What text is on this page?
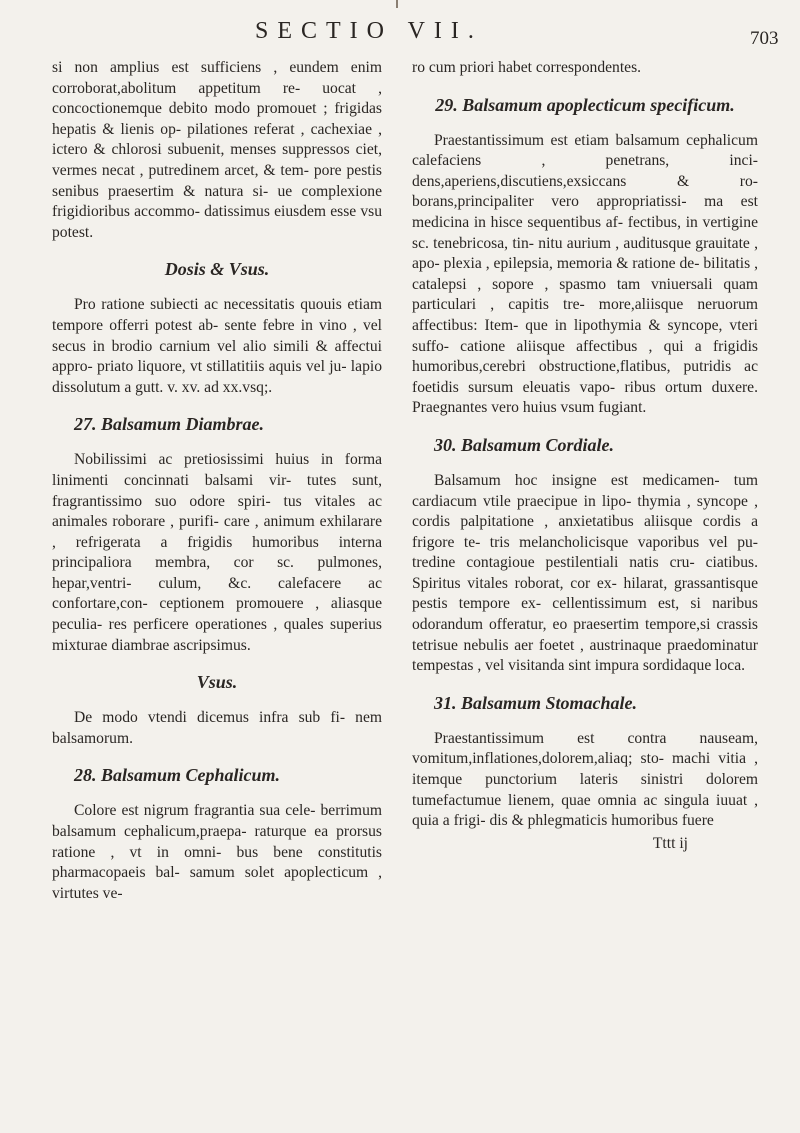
SECTIO VII.	703

si non amplius est sufficiens , eundem enim corroborat,abolitum appetitum re- uocat , concoctionemque debito modo promouet ; frigidas hepatis & lienis op- pilationes referat , cachexiae , ictero & chlorosi subuenit, menses suppressos ciet, vermes necat , putredinem arcet, & tem- pore pestis senibus praesertim & natura si- ue complexione frigidioribus accommo- datissimus eiusdem esse vsu potest.

Dosis & Vsus.

Pro ratione subiecti ac necessitatis quouis etiam tempore offerri potest ab- sente febre in vino , vel secus in brodio carnium vel alio simili & affectui appro- priato liquore, vt stillatitiis aquis vel ju- lapio dissolutum a gutt. v. xv. ad xx.vsq;.

27. Balsamum Diambrae.

Nobilissimi ac pretiosissimi huius in forma linimenti concinnati balsami vir- tutes sunt, fragrantissimo suo odore spiri- tus vitales ac animales roborare , purifi- care , animum exhilarare , refrigerata a frigidis humoribus interna principaliora membra, cor sc. pulmones, hepar,ventri- culum, &c. calefacere ac confortare,con- ceptionem promouere , aliasque peculia- res perficere operationes , quales superius mixturae diambrae ascripsimus.

Vsus.

De modo vtendi dicemus infra sub fi- nem balsamorum.

28. Balsamum Cephalicum.

Colore est nigrum fragrantia sua cele- berrimum balsamum cephalicum,praepa- raturque ea prorsus ratione , vt in omni- bus bene constitutis pharmacopaeis bal- samum solet apoplecticum , virtutes ve-

ro cum priori habet correspondentes.

29. Balsamum apoplecticum specificum.

Praestantissimum est etiam balsamum cephalicum calefaciens , penetrans, inci- dens,aperiens,discutiens,exsiccans & ro- borans,principaliter vero appropriatissi- ma est medicina in hisce sequentibus af- fectibus, in vertigine sc. tenebricosa, tin- nitu aurium , auditusque grauitate , apo- plexia , epilepsia, memoria & ratione de- bilitatis , catalepsi , sopore , spasmo tam vniuersali quam particulari , capitis tre- more,aliisque neruorum affectibus: Item- que in lipothymia & syncope, vteri suffo- catione aliisque affectibus , qui a frigidis humoribus,cerebri obstructione,flatibus, putridis ac foetidis sursum eleuatis vapo- ribus ortum duxere. Praegnantes vero huius vsum fugiant.

30. Balsamum Cordiale.

Balsamum hoc insigne est medicamen- tum cardiacum vtile praecipue in lipo- thymia , syncope , cordis palpitatione , anxietatibus aliisque cordis a frigore te- tris melancholicisque vaporibus vel pu- tredine contagioue pestilentiali natis cru- ciatibus. Spiritus vitales roborat, cor ex- hilarat, grassantisque pestis tempore ex- cellentissimum est, si naribus odorandum offeratur, eo praesertim tempore,si crassis tetrisue nebulis aer foetet , austrinaque praedominatur tempestas , vel visitanda sint impura sordidaque loca.

31. Balsamum Stomachale.

Praestantissimum est contra nauseam, vomitum,inflationes,dolorem,aliaq; sto- machi vitia , itemque punctorium lateris sinistri dolorem tumefactumue lienem, quae omnia ac singula iuuat , quia a frigi- dis & phlegmaticis humoribus fuere

Tttt ij
